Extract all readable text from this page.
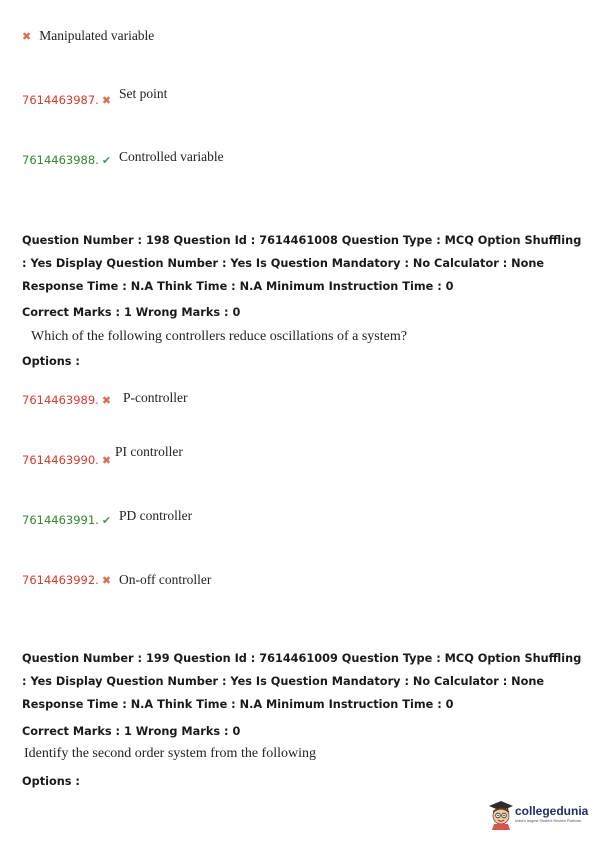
✖ Manipulated variable
7614463987. ✖ $^{Set point}$
7614463988. ✔ Controlled variable
Question Number : 198 Question Id : 7614461008 Question Type : MCQ Option Shuffling : Yes Display Question Number : Yes Is Question Mandatory : No Calculator : None Response Time : N.A Think Time : N.A Minimum Instruction Time : 0
Correct Marks : 1 Wrong Marks : 0
Which of the following controllers reduce oscillations of a system?
Options :
7614463989. ✖ P-controller
7614463990. ✖$^{PI controller}$
7614463991. ✔ $^{PD controller}$
7614463992. ✖ On-off controller
Question Number : 199 Question Id : 7614461009 Question Type : MCQ Option Shuffling : Yes Display Question Number : Yes Is Question Mandatory : No Calculator : None Response Time : N.A Think Time : N.A Minimum Instruction Time : 0
Correct Marks : 1 Wrong Marks : 0
Identify the second order system from the following
Options :
collegedunia
India's largest Student Review Platform
